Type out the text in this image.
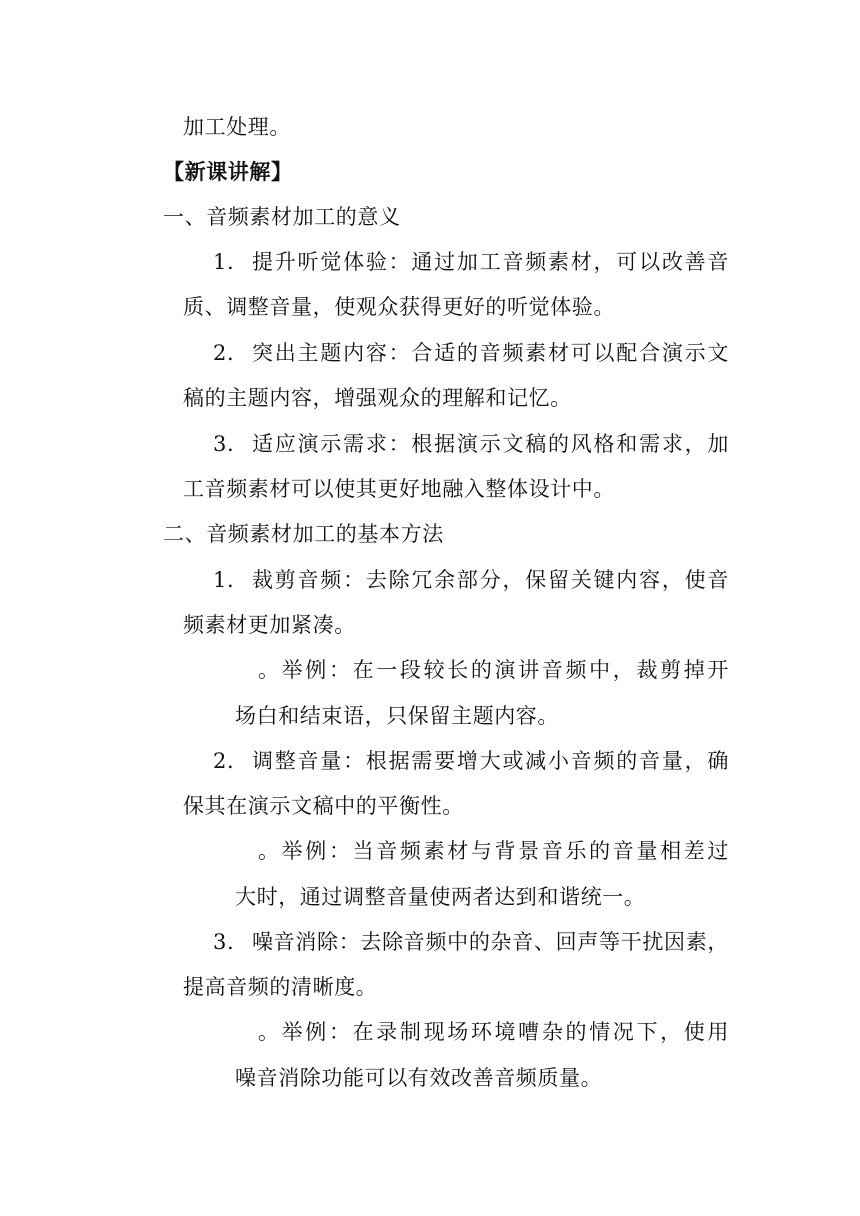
加工处理。
【新课讲解】
一、音频素材加工的意义
1. 提升听觉体验：通过加工音频素材，可以改善音
质、调整音量，使观众获得更好的听觉体验。
2. 突出主题内容：合适的音频素材可以配合演示文
稿的主题内容，增强观众的理解和记忆。
3. 适应演示需求：根据演示文稿的风格和需求，加
工音频素材可以使其更好地融入整体设计中。
二、音频素材加工的基本方法
1. 裁剪音频：去除冗余部分，保留关键内容，使音
频素材更加紧凑。
。举例：在一段较长的演讲音频中，裁剪掉开
场白和结束语，只保留主题内容。
2. 调整音量：根据需要增大或减小音频的音量，确
保其在演示文稿中的平衡性。
。举例：当音频素材与背景音乐的音量相差过
大时，通过调整音量使两者达到和谐统一。
3. 噪音消除：去除音频中的杂音、回声等干扰因素，
提高音频的清晰度。
。举例：在录制现场环境嘈杂的情况下，使用
噪音消除功能可以有效改善音频质量。
